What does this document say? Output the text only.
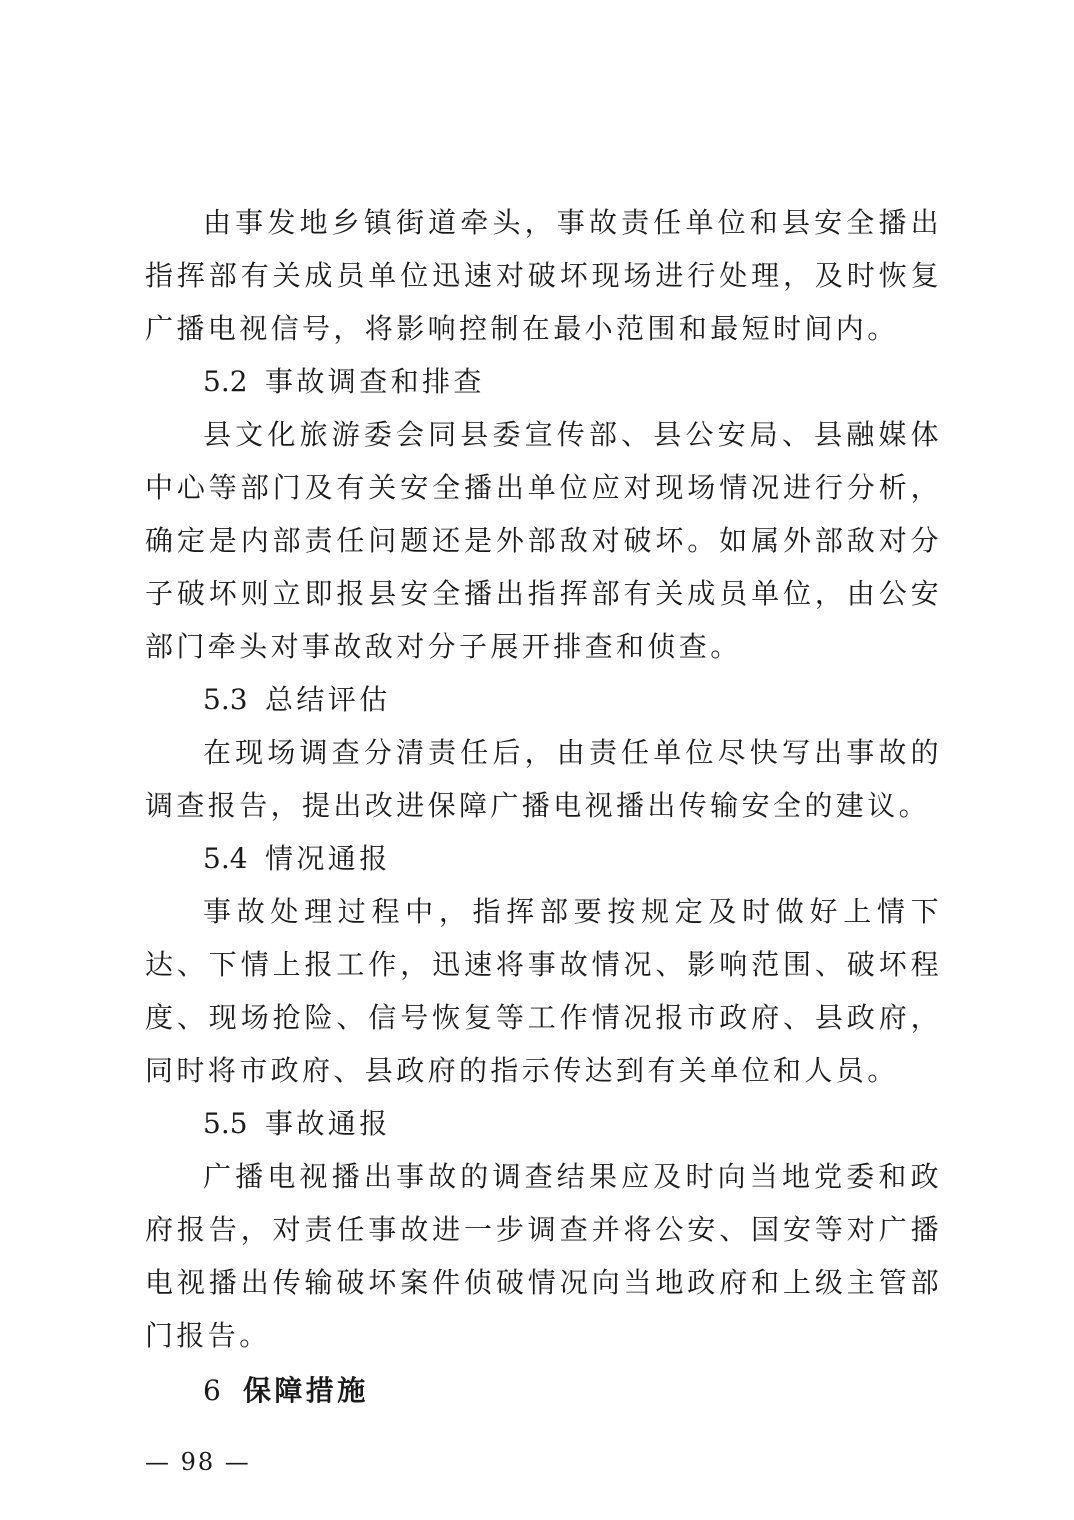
由事发地乡镇街道牵头，事故责任单位和县安全播出指挥部有关成员单位迅速对破坏现场进行处理，及时恢复广播电视信号，将影响控制在最小范围和最短时间内。

5.2 事故调查和排查

县文化旅游委会同县委宣传部、县公安局、县融媒体中心等部门及有关安全播出单位应对现场情况进行分析，确定是内部责任问题还是外部敌对破坏。如属外部敌对分子破坏则立即报县安全播出指挥部有关成员单位，由公安部门牵头对事故敌对分子展开排查和侦查。

5.3 总结评估

在现场调查分清责任后，由责任单位尽快写出事故的调查报告，提出改进保障广播电视播出传输安全的建议。

5.4 情况通报

事故处理过程中，指挥部要按规定及时做好上情下达、下情上报工作，迅速将事故情况、影响范围、破坏程度、现场抢险、信号恢复等工作情况报市政府、县政府，同时将市政府、县政府的指示传达到有关单位和人员。

5.5 事故通报

广播电视播出事故的调查结果应及时向当地党委和政府报告，对责任事故进一步调查并将公安、国安等对广播电视播出传输破坏案件侦破情况向当地政府和上级主管部门报告。

6 保障措施

— 98 —
